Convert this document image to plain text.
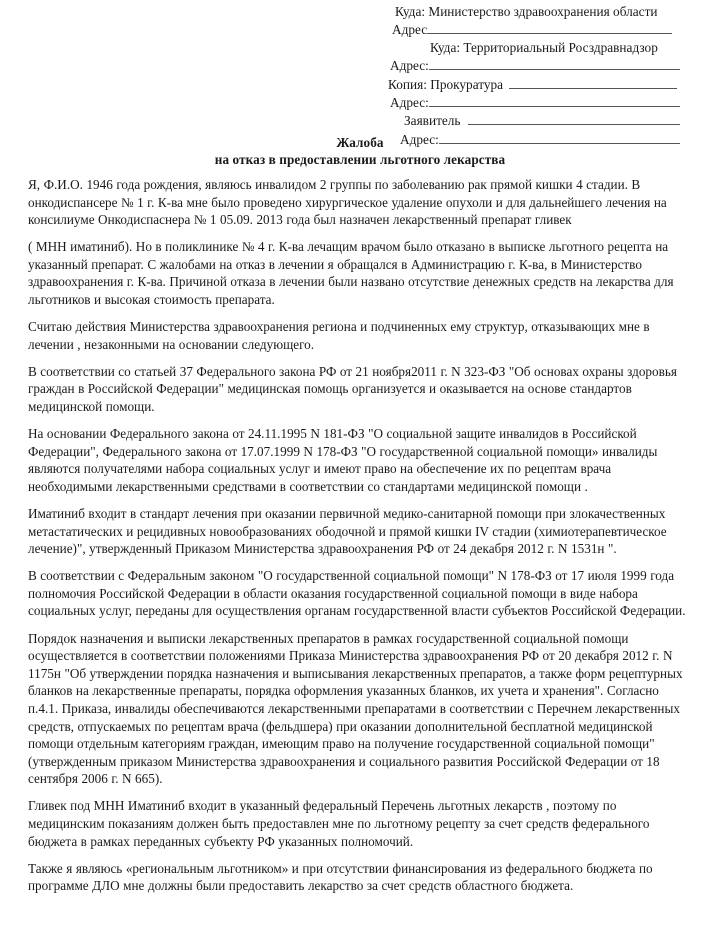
Куда: Министерство здравоохранения области
Адрес
Куда: Территориальный Росздравнадзор
Адрес:
Копия: Прокуратура
Адрес:
Заявитель
Адрес:
Жалоба
на отказ в предоставлении льготного лекарства

Я, Ф.И.О. 1946 года рождения, являюсь инвалидом 2 группы по заболеванию рак прямой кишки 4 стадии. В онкодиспансере № 1 г. К-ва мне было проведено хирургическое удаление опухоли и для дальнейшего лечения на консилиуме Онкодиспаснера № 1 05.09. 2013 года был назначен лекарственный препарат гливек

( МНН иматиниб). Но в поликлинике № 4 г. К-ва лечащим врачом было отказано в выписке льготного рецепта на указанный препарат. С жалобами на отказ в лечении я обращался в Администрацию г. К-ва, в Министерство здравоохранения г. К-ва. Причиной отказа в лечении были названо отсутствие денежных средств на лекарства для льготников и высокая стоимость препарата.

Считаю действия Министерства здравоохранения региона и подчиненных ему структур, отказывающих мне в лечении , незаконными на основании следующего.

В соответствии со статьей 37 Федерального закона РФ от 21 ноября2011 г. N 323-ФЗ "Об основах охраны здоровья граждан в Российской Федерации" медицинская помощь организуется и оказывается на основе стандартов медицинской помощи.

На основании Федерального закона от 24.11.1995 N 181-ФЗ "О социальной защите инвалидов в Российской Федерации", Федерального закона от 17.07.1999 N 178-ФЗ "О государственной социальной помощи» инвалиды являются получателями набора социальных услуг и имеют право на обеспечение их по рецептам врача необходимыми лекарственными средствами в соответствии со стандартами медицинской помощи .

Иматиниб входит в стандарт лечения при оказании первичной медико-санитарной помощи при злокачественных метастатических и рецидивных новообразованиях ободочной и прямой кишки IV стадии (химиотерапевтическое лечение)", утвержденный Приказом Министерства здравоохранения РФ от 24 декабря 2012 г. N 1531н ".

В соответствии с Федеральным законом "О государственной социальной помощи" N 178-ФЗ от 17 июля 1999 года полномочия Российской Федерации в области оказания государственной социальной помощи в виде набора социальных услуг, переданы для осуществления органам государственной власти субъектов Российской Федерации.

Порядок назначения и выписки лекарственных препаратов в рамках государственной социальной помощи осуществляется в соответствии положениями Приказа Министерства здравоохранения РФ от 20 декабря 2012 г. N 1175н "Об утверждении порядка назначения и выписывания лекарственных препаратов, а также форм рецептурных бланков на лекарственные препараты, порядка оформления указанных бланков, их учета и хранения". Согласно п.4.1. Приказа, инвалиды обеспечиваются лекарственными препаратами в соответствии с Перечнем лекарственных средств, отпускаемых по рецептам врача (фельдшера) при оказании дополнительной бесплатной медицинской помощи отдельным категориям граждан, имеющим право на получение государственной социальной помощи" (утвержденным приказом Министерства здравоохранения и социального развития Российской Федерации от 18 сентября 2006 г. N 665).

Гливек под МНН Иматиниб входит в указанный федеральный Перечень льготных лекарств , поэтому по медицинским показаниям должен быть предоставлен мне по льготному рецепту за счет средств федерального бюджета в рамках переданных субъекту РФ указанных полномочий.

Также я являюсь «региональным льготником» и при отсутствии финансирования из федерального бюджета по программе ДЛО мне должны были предоставить лекарство за счет средств областного бюджета.
